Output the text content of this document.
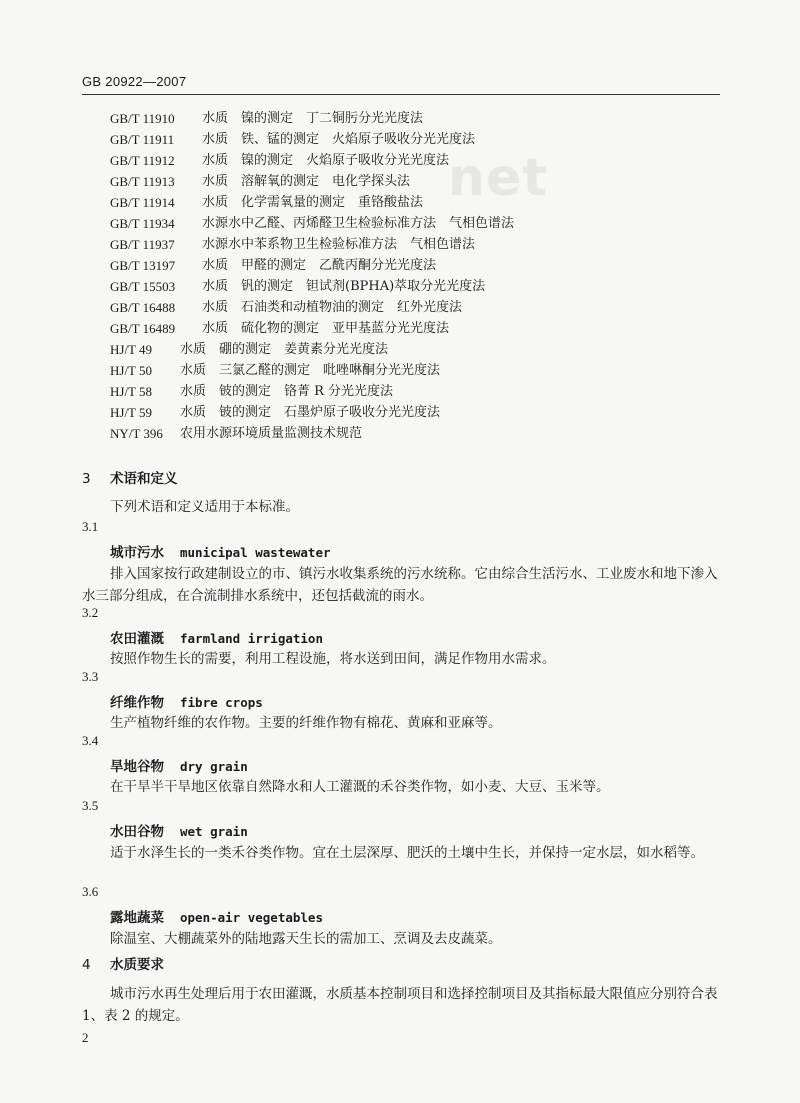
net
GB 20922—2007
GB/T 11910	水质　镍的测定　丁二铜肟分光光度法
GB/T 11911	水质　铁、锰的测定　火焰原子吸收分光光度法
GB/T 11912	水质　镍的测定　火焰原子吸收分光光度法
GB/T 11913	水质　溶解氧的测定　电化学探头法
GB/T 11914	水质　化学需氧量的测定　重铬酸盐法
GB/T 11934	水源水中乙醛、丙烯醛卫生检验标准方法　气相色谱法
GB/T 11937	水源水中苯系物卫生检验标准方法　气相色谱法
GB/T 13197	水质　甲醛的测定　乙酰丙酮分光光度法
GB/T 15503	水质　钒的测定　钽试剂(BPHA)萃取分光光度法
GB/T 16488	水质　石油类和动植物油的测定　红外光度法
GB/T 16489	水质　硫化物的测定　亚甲基蓝分光光度法
HJ/T 49	水质　硼的测定　姜黄素分光光度法
HJ/T 50	水质　三氯乙醛的测定　吡唑啉酮分光光度法
HJ/T 58	水质　铍的测定　铬菁 R 分光光度法
HJ/T 59	水质　铍的测定　石墨炉原子吸收分光光度法
NY/T 396	农用水源环境质量监测技术规范
3 术语和定义
下列术语和定义适用于本标准。
3.1
城市污水 municipal wastewater
排入国家按行政建制设立的市、镇污水收集系统的污水统称。它由综合生活污水、工业废水和地下渗入水三部分组成，在合流制排水系统中，还包括截流的雨水。
3.2
农田灌溉 farmland irrigation
按照作物生长的需要，利用工程设施，将水送到田间，满足作物用水需求。
3.3
纤维作物 fibre crops
生产植物纤维的农作物。主要的纤维作物有棉花、黄麻和亚麻等。
3.4
旱地谷物 dry grain
在干旱半干旱地区依靠自然降水和人工灌溉的禾谷类作物，如小麦、大豆、玉米等。
3.5
水田谷物 wet grain
适于水泽生长的一类禾谷类作物。宜在土层深厚、肥沃的土壤中生长，并保持一定水层，如水稻等。
3.6
露地蔬菜 open-air vegetables
除温室、大棚蔬菜外的陆地露天生长的需加工、烹调及去皮蔬菜。
4 水质要求
城市污水再生处理后用于农田灌溉，水质基本控制项目和选择控制项目及其指标最大限值应分别符合表 1、表 2 的规定。
2
